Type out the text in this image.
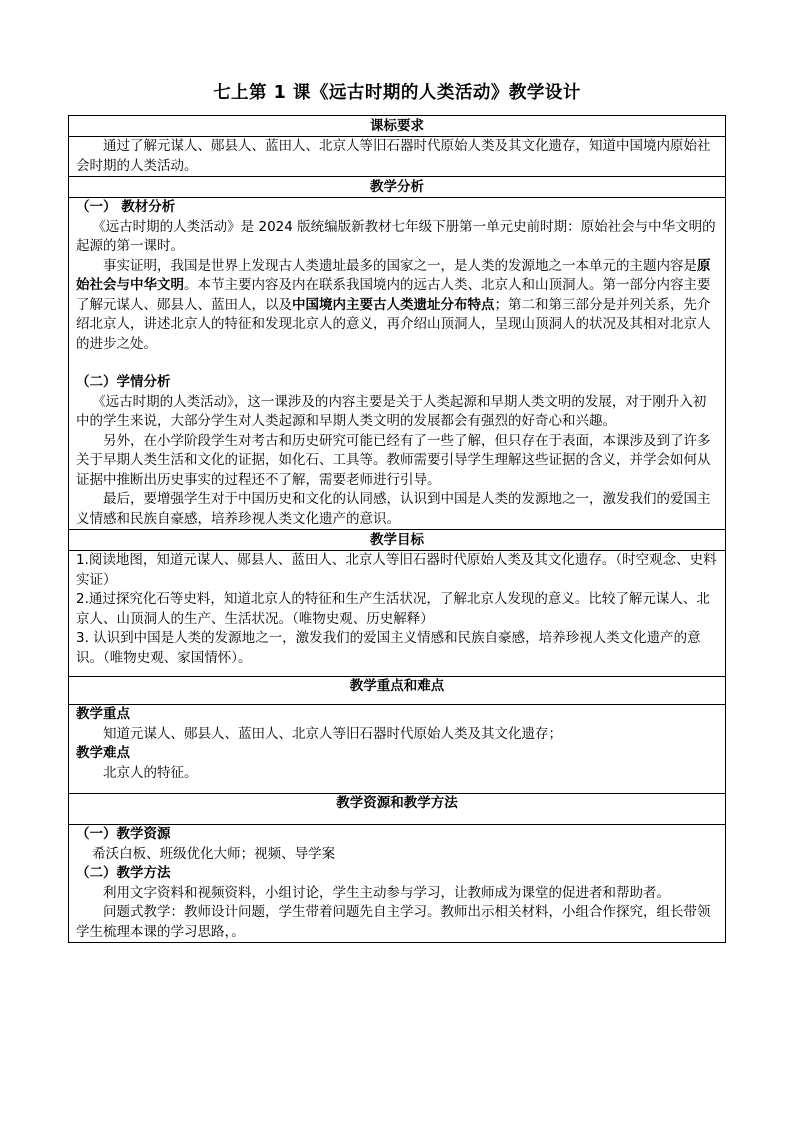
七上第 1 课《远古时期的人类活动》教学设计
课标要求

通过了解元谋人、郧县人、蓝田人、北京人等旧石器时代原始人类及其文化遗存，知道中国境内原始社会时期的人类活动。

教学分析

（一） 教材分析

《远古时期的人类活动》是 2024 版统编版新教材七年级下册第一单元史前时期：原始社会与中华文明的起源的第一课时。

事实证明，我国是世界上发现古人类遗址最多的国家之一，是人类的发源地之一本单元的主题内容是原始社会与中华文明。本节主要内容及内在联系我国境内的远古人类、北京人和山顶洞人。第一部分内容主要了解元谋人、郧县人、蓝田人，以及中国境内主要古人类遗址分布特点；第二和第三部分是并列关系，先介绍北京人，讲述北京人的特征和发现北京人的意义，再介绍山顶洞人，呈现山顶洞人的状况及其相对北京人的进步之处。

（二）学情分析

《远古时期的人类活动》，这一课涉及的内容主要是关于人类起源和早期人类文明的发展，对于刚升入初中的学生来说，大部分学生对人类起源和早期人类文明的发展都会有强烈的好奇心和兴趣。

另外，在小学阶段学生对考古和历史研究可能已经有了一些了解，但只存在于表面，本课涉及到了许多关于早期人类生活和文化的证据，如化石、工具等。教师需要引导学生理解这些证据的含义，并学会如何从证据中推断出历史事实的过程还不了解，需要老师进行引导。

最后，要增强学生对于中国历史和文化的认同感，认识到中国是人类的发源地之一，激发我们的爱国主义情感和民族自豪感，培养珍视人类文化遗产的意识。

教学目标

1.阅读地图，知道元谋人、郧县人、蓝田人、北京人等旧石器时代原始人类及其文化遗存。（时空观念、史料实证）

2.通过探究化石等史料，知道北京人的特征和生产生活状况，了解北京人发现的意义。比较了解元谋人、北京人、山顶洞人的生产、生活状况。（唯物史观、历史解释）

3. 认识到中国是人类的发源地之一，激发我们的爱国主义情感和民族自豪感，培养珍视人类文化遗产的意识。（唯物史观、家国情怀）。

教学重点和难点

教学重点

知道元谋人、郧县人、蓝田人、北京人等旧石器时代原始人类及其文化遗存；

教学难点

北京人的特征。

教学资源和教学方法

（一）教学资源

希沃白板、班级优化大师；视频、导学案

（二）教学方法

利用文字资料和视频资料，小组讨论，学生主动参与学习，让教师成为课堂的促进者和帮助者。

问题式教学：教师设计问题，学生带着问题先自主学习。教师出示相关材料，小组合作探究，组长带领学生梳理本课的学习思路，。
